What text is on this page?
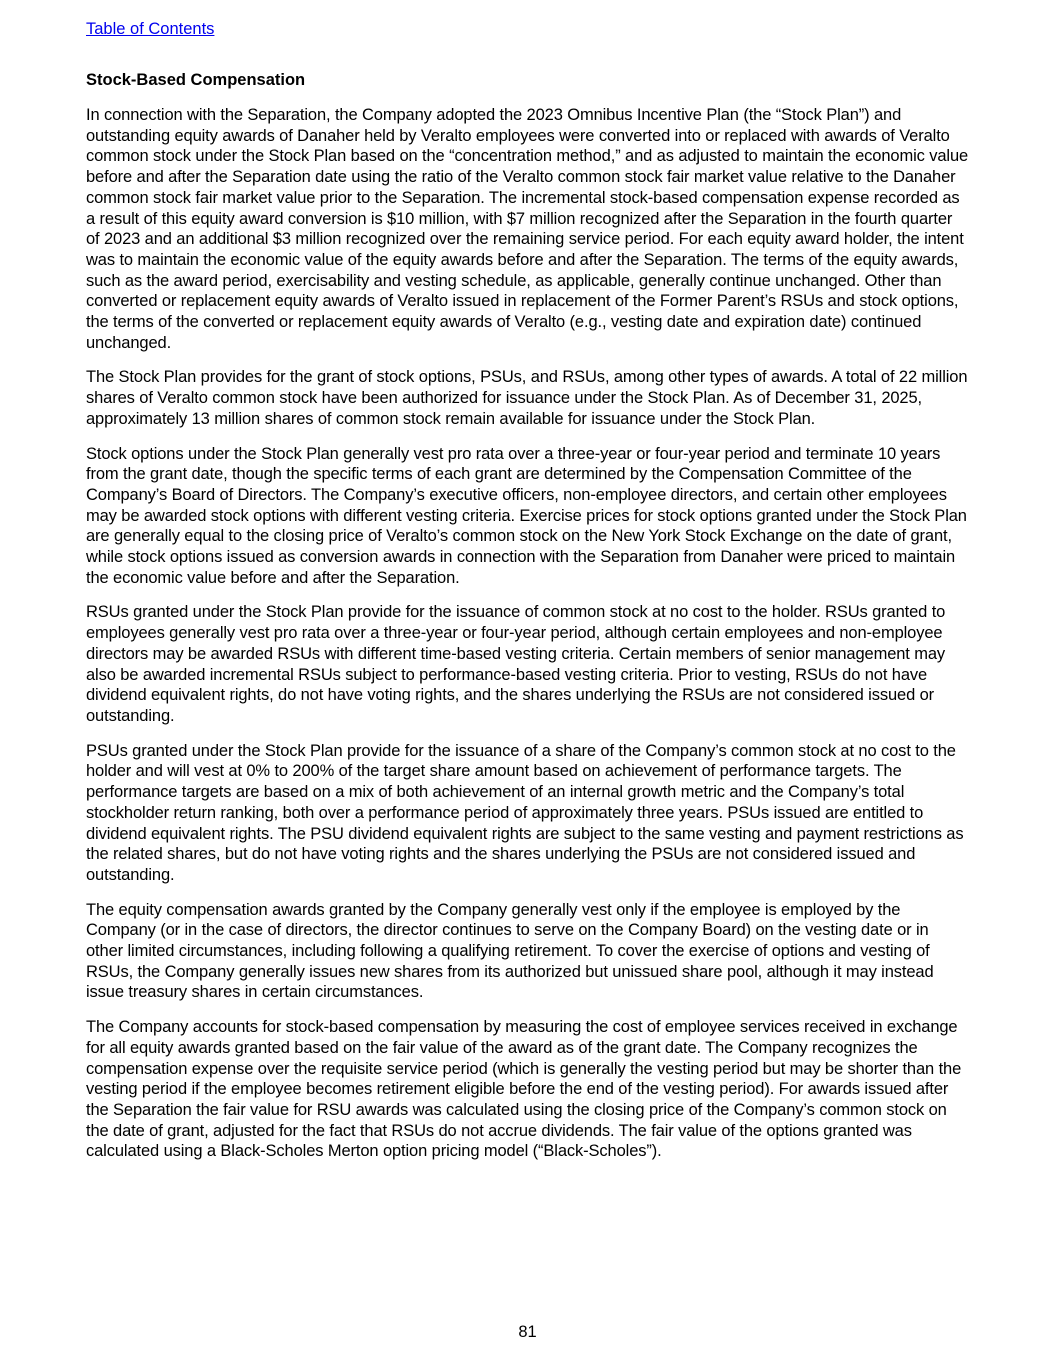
Table of Contents
Stock-Based Compensation

In connection with the Separation, the Company adopted the 2023 Omnibus Incentive Plan (the “Stock Plan”) and outstanding equity awards of Danaher held by Veralto employees were converted into or replaced with awards of Veralto common stock under the Stock Plan based on the “concentration method,” and as adjusted to maintain the economic value before and after the Separation date using the ratio of the Veralto common stock fair market value relative to the Danaher common stock fair market value prior to the Separation. The incremental stock-based compensation expense recorded as a result of this equity award conversion is $10 million, with $7 million recognized after the Separation in the fourth quarter of 2023 and an additional $3 million recognized over the remaining service period. For each equity award holder, the intent was to maintain the economic value of the equity awards before and after the Separation. The terms of the equity awards, such as the award period, exercisability and vesting schedule, as applicable, generally continue unchanged. Other than converted or replacement equity awards of Veralto issued in replacement of the Former Parent’s RSUs and stock options, the terms of the converted or replacement equity awards of Veralto (e.g., vesting date and expiration date) continued unchanged.

The Stock Plan provides for the grant of stock options, PSUs, and RSUs, among other types of awards. A total of 22 million shares of Veralto common stock have been authorized for issuance under the Stock Plan. As of December 31, 2025, approximately 13 million shares of common stock remain available for issuance under the Stock Plan.

Stock options under the Stock Plan generally vest pro rata over a three-year or four-year period and terminate 10 years from the grant date, though the specific terms of each grant are determined by the Compensation Committee of the Company’s Board of Directors. The Company’s executive officers, non-employee directors, and certain other employees may be awarded stock options with different vesting criteria. Exercise prices for stock options granted under the Stock Plan are generally equal to the closing price of Veralto’s common stock on the New York Stock Exchange on the date of grant, while stock options issued as conversion awards in connection with the Separation from Danaher were priced to maintain the economic value before and after the Separation.

RSUs granted under the Stock Plan provide for the issuance of common stock at no cost to the holder. RSUs granted to employees generally vest pro rata over a three-year or four-year period, although certain employees and non-employee directors may be awarded RSUs with different time-based vesting criteria. Certain members of senior management may also be awarded incremental RSUs subject to performance-based vesting criteria. Prior to vesting, RSUs do not have dividend equivalent rights, do not have voting rights, and the shares underlying the RSUs are not considered issued or outstanding.

PSUs granted under the Stock Plan provide for the issuance of a share of the Company’s common stock at no cost to the holder and will vest at 0% to 200% of the target share amount based on achievement of performance targets. The performance targets are based on a mix of both achievement of an internal growth metric and the Company’s total stockholder return ranking, both over a performance period of approximately three years. PSUs issued are entitled to dividend equivalent rights. The PSU dividend equivalent rights are subject to the same vesting and payment restrictions as the related shares, but do not have voting rights and the shares underlying the PSUs are not considered issued and outstanding.

The equity compensation awards granted by the Company generally vest only if the employee is employed by the Company (or in the case of directors, the director continues to serve on the Company Board) on the vesting date or in other limited circumstances, including following a qualifying retirement. To cover the exercise of options and vesting of RSUs, the Company generally issues new shares from its authorized but unissued share pool, although it may instead issue treasury shares in certain circumstances.

The Company accounts for stock-based compensation by measuring the cost of employee services received in exchange for all equity awards granted based on the fair value of the award as of the grant date. The Company recognizes the compensation expense over the requisite service period (which is generally the vesting period but may be shorter than the vesting period if the employee becomes retirement eligible before the end of the vesting period). For awards issued after the Separation the fair value for RSU awards was calculated using the closing price of the Company’s common stock on the date of grant, adjusted for the fact that RSUs do not accrue dividends. The fair value of the options granted was calculated using a Black-Scholes Merton option pricing model (“Black-Scholes”).

81
